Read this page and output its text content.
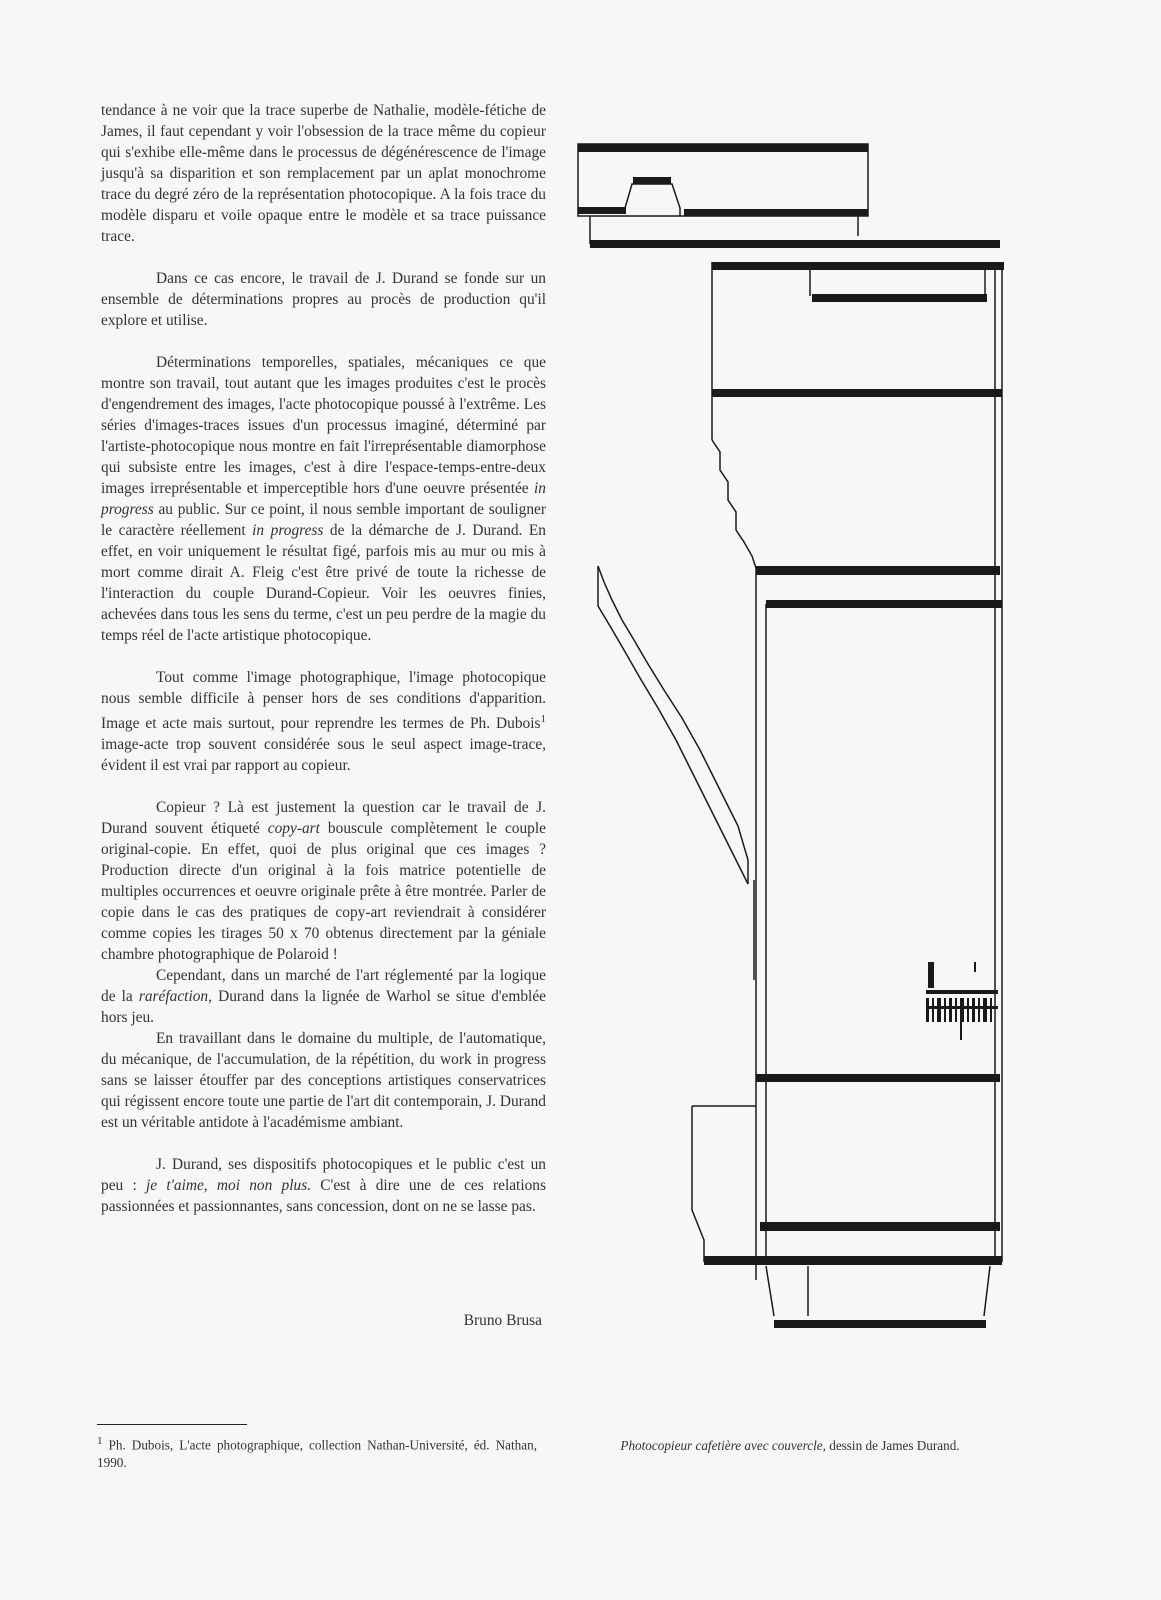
tendance à ne voir que la trace superbe de Nathalie, modèle-fétiche de James, il faut cependant y voir l'obsession de la trace même du copieur qui s'exhibe elle-même dans le processus de dégénérescence de l'image jusqu'à sa disparition et son remplacement par un aplat monochrome trace du degré zéro de la représentation photocopique. A la fois trace du modèle disparu et voile opaque entre le modèle et sa trace puissance trace.

Dans ce cas encore, le travail de J. Durand se fonde sur un ensemble de déterminations propres au procès de production qu'il explore et utilise.

Déterminations temporelles, spatiales, mécaniques ce que montre son travail, tout autant que les images produites c'est le procès d'engendrement des images, l'acte photocopique poussé à l'extrême. Les séries d'images-traces issues d'un processus imaginé, déterminé par l'artiste-photocopique nous montre en fait l'irreprésentable diamorphose qui subsiste entre les images, c'est à dire l'espace-temps-entre-deux images irreprésentable et imperceptible hors d'une oeuvre présentée in progress au public. Sur ce point, il nous semble important de souligner le caractère réellement in progress de la démarche de J. Durand. En effet, en voir uniquement le résultat figé, parfois mis au mur ou mis à mort comme dirait A. Fleig c'est être privé de toute la richesse de l'interaction du couple Durand-Copieur. Voir les oeuvres finies, achevées dans tous les sens du terme, c'est un peu perdre de la magie du temps réel de l'acte artistique photocopique.

Tout comme l'image photographique, l'image photocopique nous semble difficile à penser hors de ses conditions d'apparition. Image et acte mais surtout, pour reprendre les termes de Ph. Dubois$^1$ image-acte trop souvent considérée sous le seul aspect image-trace, évident il est vrai par rapport au copieur.

Copieur ? Là est justement la question car le travail de J. Durand souvent étiqueté copy-art bouscule complètement le couple original-copie. En effet, quoi de plus original que ces images ? Production directe d'un original à la fois matrice potentielle de multiples occurrences et oeuvre originale prête à être montrée. Parler de copie dans le cas des pratiques de copy-art reviendrait à considérer comme copies les tirages 50 x 70 obtenus directement par la géniale chambre photographique de Polaroid !

Cependant, dans un marché de l'art réglementé par la logique de la raréfaction, Durand dans la lignée de Warhol se situe d'emblée hors jeu.

En travaillant dans le domaine du multiple, de l'automatique, du mécanique, de l'accumulation, de la répétition, du work in progress sans se laisser étouffer par des conceptions artistiques conservatrices qui régissent encore toute une partie de l'art dit contemporain, J. Durand est un véritable antidote à l'académisme ambiant.

J. Durand, ses dispositifs photocopiques et le public c'est un peu : je t'aime, moi non plus. C'est à dire une de ces relations passionnées et passionnantes, sans concession, dont on ne se lasse pas.

Bruno Brusa
$^1$ Ph. Dubois, L'acte photographique, collection Nathan-Université, éd. Nathan, 1990.
Photocopieur cafetière avec couvercle, dessin de James Durand.
